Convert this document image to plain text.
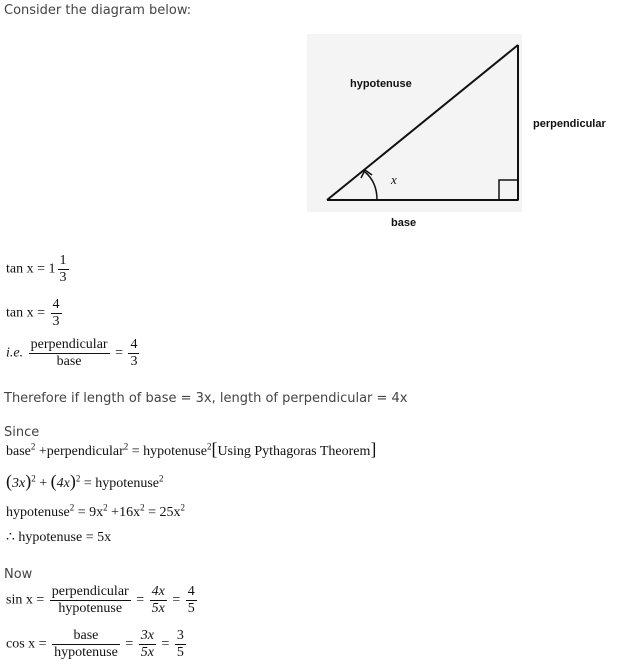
Consider the diagram below:
hypotenuse
perpendicular
base
x
$\tan x = 1 \frac{1}{3}$
$\tan x = \frac{4}{3}$
i.e. $\frac{\text{perpendicular}}{\text{base}} = \frac{4}{3}$
Therefore if length of base = 3x, length of perpendicular = 4x
Since
base$^2$ +perpendicular$^2$ = hypotenuse$^2$[Using Pythagoras Theorem]
$(3x)^2 + (4x)^2$ = hypotenuse$^2$
hypotenuse$^2$ = $9x^2 +16x^2 = 25x^2$
∴ hypotenuse = 5x
Now
$\sin x = \frac{\text{perpendicular}}{\text{hypotenuse}} = \frac{4x}{5x} = \frac{4}{5}$
$\cos x = \frac{\text{base}}{\text{hypotenuse}} = \frac{3x}{5x} = \frac{3}{5}$
